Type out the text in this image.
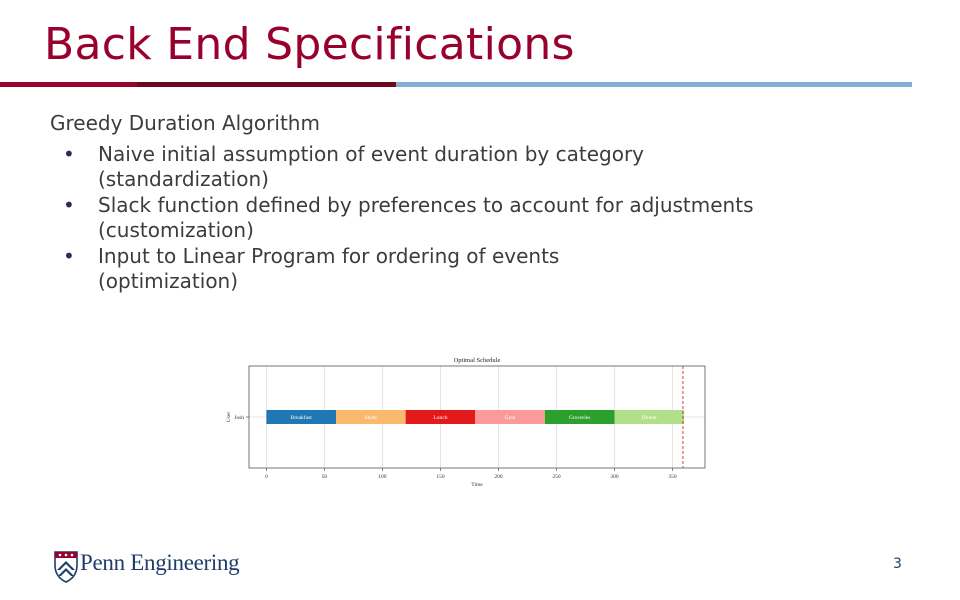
Back End Specifications
Greedy Duration Algorithm
• Naive initial assumption of event duration by category
(standardization)
• Slack function defined by preferences to account for adjustments
(customization)
• Input to Linear Program for ordering of events
(optimization)
Breakfast	Study	Lunch	Gym	Groceries	Dinner
0	50	100	150	200	250	300	350
Josh
Optimal Schedule
Time
User
Penn Engineering	3
